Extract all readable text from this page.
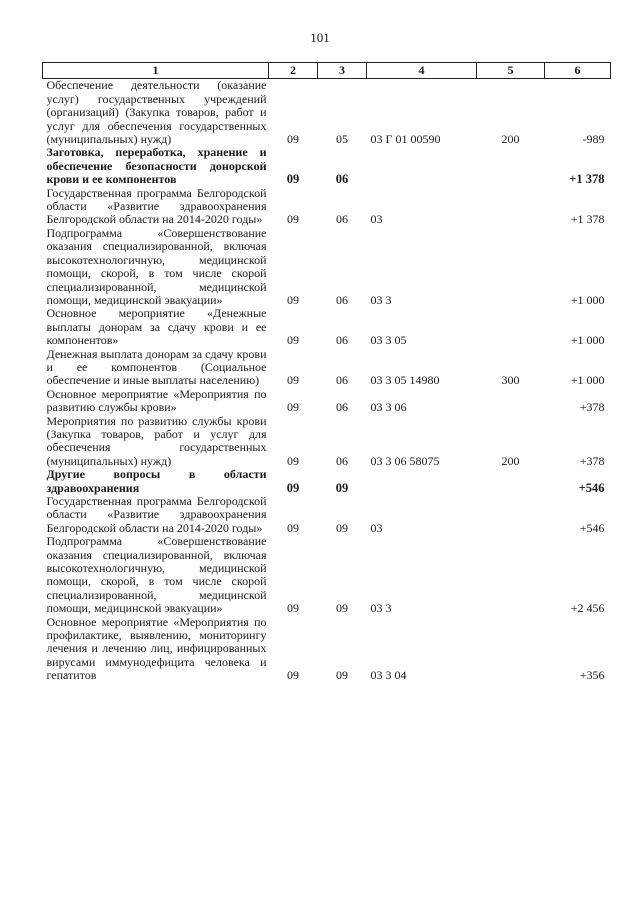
101
1	2	3	4	5	6
Обеспечение деятельности (оказание услуг) государственных учреждений (организаций) (Закупка товаров, работ и услуг для обеспечения государственных (муниципальных) нужд)	09	05	03 Г 01 00590	200	-989
Заготовка, переработка, хранение и обеспечение безопасности донорской крови и ее компонентов	09	06			+1 378
Государственная программа Белгородской области «Развитие здравоохранения Белгородской области на 2014-2020 годы»	09	06	03		+1 378
Подпрограмма «Совершенствование оказания специализированной, включая высокотехнологичную, медицинской помощи, скорой, в том числе скорой специализированной, медицинской помощи, медицинской эвакуации»	09	06	03 3		+1 000
Основное мероприятие «Денежные выплаты донорам за сдачу крови и ее компонентов»	09	06	03 3 05		+1 000
Денежная выплата донорам за сдачу крови и ее компонентов (Социальное обеспечение и иные выплаты населению)	09	06	03 3 05 14980	300	+1 000
Основное мероприятие «Мероприятия по развитию службы крови»	09	06	03 3 06		+378
Мероприятия по развитию службы крови (Закупка товаров, работ и услуг для обеспечения государственных (муниципальных) нужд)	09	06	03 3 06 58075	200	+378
Другие вопросы в области здравоохранения	09	09			+546
Государственная программа Белгородской области «Развитие здравоохранения Белгородской области на 2014-2020 годы»	09	09	03		+546
Подпрограмма «Совершенствование оказания специализированной, включая высокотехнологичную, медицинской помощи, скорой, в том числе скорой специализированной, медицинской помощи, медицинской эвакуации»	09	09	03 3		+2 456
Основное мероприятие «Мероприятия по профилактике, выявлению, мониторингу лечения и лечению лиц, инфицированных вирусами иммунодефицита человека и гепатитов	09	09	03 3 04		+356
